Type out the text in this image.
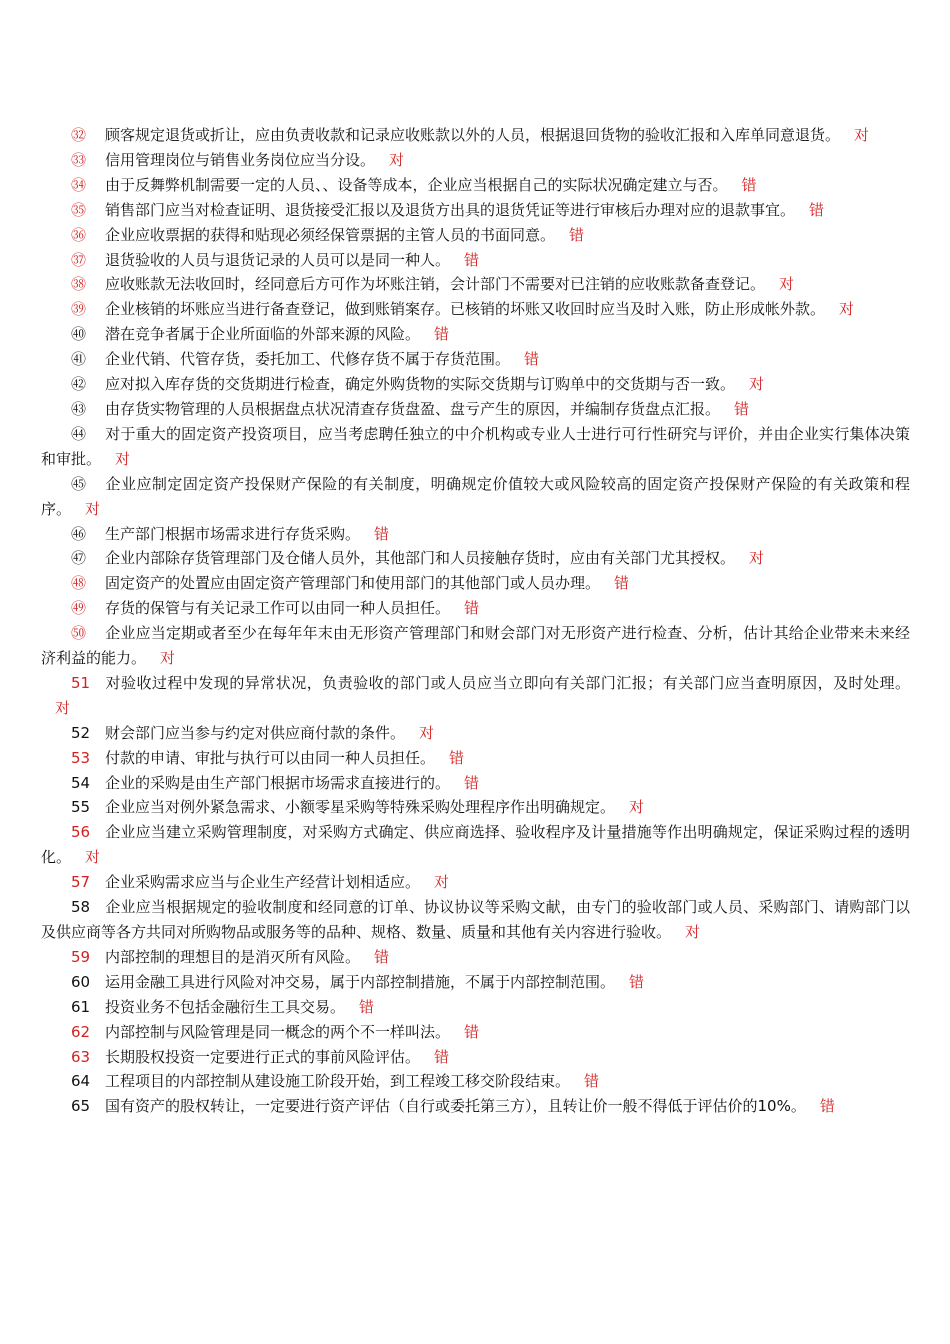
㉜ 顾客规定退货或折让，应由负责收款和记录应收账款以外的人员，根据退回货物的验收汇报和入库单同意退货。 对

㉝ 信用管理岗位与销售业务岗位应当分设。 对

㉞ 由于反舞弊机制需要一定的人员、、设备等成本，企业应当根据自己的实际状况确定建立与否。 错

㉟ 销售部门应当对检查证明、退货接受汇报以及退货方出具的退货凭证等进行审核后办理对应的退款事宜。 错

㊱ 企业应收票据的获得和贴现必须经保管票据的主管人员的书面同意。 错

㊲ 退货验收的人员与退货记录的人员可以是同一种人。 错

㊳ 应收账款无法收回时，经同意后方可作为坏账注销，会计部门不需要对已注销的应收账款备查登记。 对

㊴ 企业核销的坏账应当进行备查登记，做到账销案存。已核销的坏账又收回时应当及时入账，防止形成帐外款。 对

㊵ 潜在竞争者属于企业所面临的外部来源的风险。 错

㊶ 企业代销、代管存货，委托加工、代修存货不属于存货范围。 错

㊷ 应对拟入库存货的交货期进行检查，确定外购货物的实际交货期与订购单中的交货期与否一致。 对

㊸ 由存货实物管理的人员根据盘点状况清查存货盘盈、盘亏产生的原因，并编制存货盘点汇报。 错

㊹ 对于重大的固定资产投资项目，应当考虑聘任独立的中介机构或专业人士进行可行性研究与评价，并由企业实行集体决策和审批。 对

㊺ 企业应制定固定资产投保财产保险的有关制度，明确规定价值较大或风险较高的固定资产投保财产保险的有关政策和程序。 对

㊻ 生产部门根据市场需求进行存货采购。 错

㊼ 企业内部除存货管理部门及仓储人员外，其他部门和人员接触存货时，应由有关部门尤其授权。 对

㊽ 固定资产的处置应由固定资产管理部门和使用部门的其他部门或人员办理。 错

㊾ 存货的保管与有关记录工作可以由同一种人员担任。 错

㊿ 企业应当定期或者至少在每年年末由无形资产管理部门和财会部门对无形资产进行检查、分析，估计其给企业带来未来经济利益的能力。 对

51 对验收过程中发现的异常状况，负责验收的部门或人员应当立即向有关部门汇报；有关部门应当查明原因，及时处理。对

52 财会部门应当参与约定对供应商付款的条件。 对

53 付款的申请、审批与执行可以由同一种人员担任。 错

54 企业的采购是由生产部门根据市场需求直接进行的。 错

55 企业应当对例外紧急需求、小额零星采购等特殊采购处理程序作出明确规定。 对

56 企业应当建立采购管理制度，对采购方式确定、供应商选择、验收程序及计量措施等作出明确规定，保证采购过程的透明化。 对

57 企业采购需求应当与企业生产经营计划相适应。 对

58 企业应当根据规定的验收制度和经同意的订单、协议协议等采购文献，由专门的验收部门或人员、采购部门、请购部门以及供应商等各方共同对所购物品或服务等的品种、规格、数量、质量和其他有关内容进行验收。 对

59 内部控制的理想目的是消灭所有风险。 错

60 运用金融工具进行风险对冲交易，属于内部控制措施，不属于内部控制范围。 错

61 投资业务不包括金融衍生工具交易。 错

62 内部控制与风险管理是同一概念的两个不一样叫法。 错

63 长期股权投资一定要进行正式的事前风险评估。 错

64 工程项目的内部控制从建设施工阶段开始，到工程竣工移交阶段结束。 错

65 国有资产的股权转让，一定要进行资产评估（自行或委托第三方），且转让价一般不得低于评估价的10%。 错
